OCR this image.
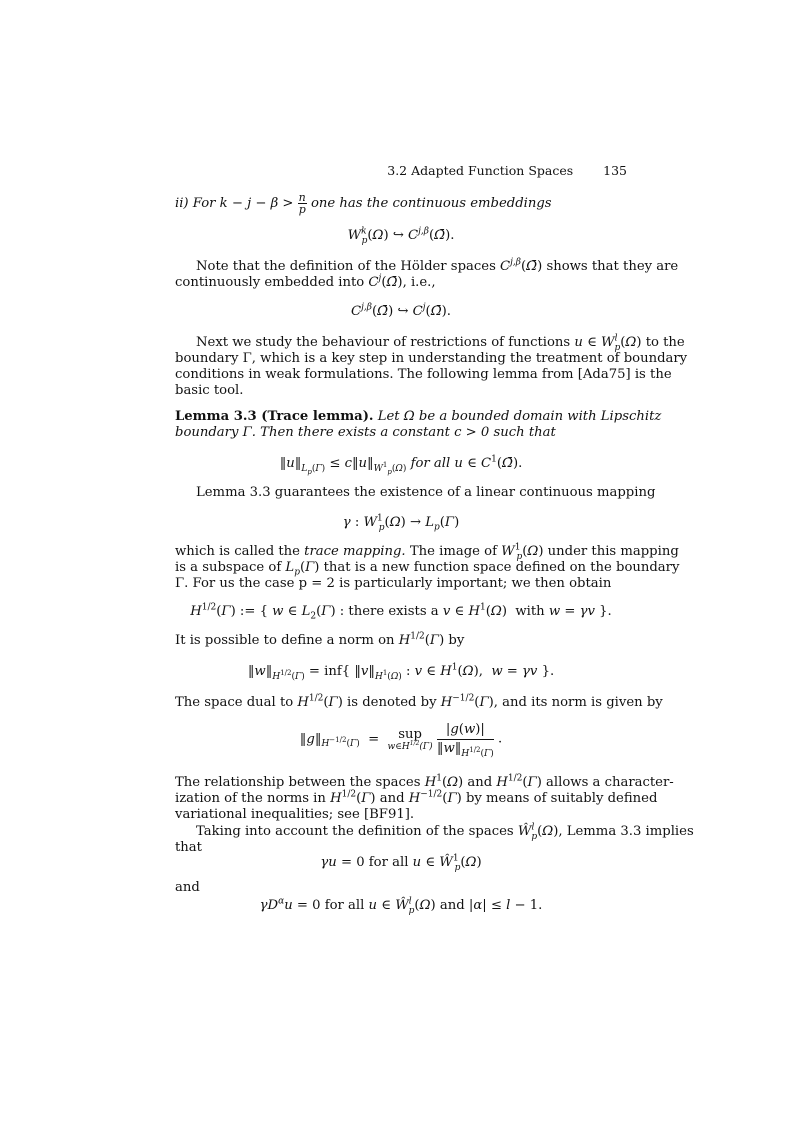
3.2 Adapted Function Spaces 135
ii) For $k - j - \beta > \frac{n}{p}$ one has the continuous embeddings
$W^k_p(\Omega)$ ↪ $C^{j,\beta}(\Omegā)$.
Note that the definition of the Hölder spaces $C^{j,\beta}(\Omegā)$ shows that they are
continuously embedded into $C^j(\Omegā)$, i.e.,
$C^{j,\beta}(\Omegā)$ ↪ $C^j(\Omegā)$.
Next we study the behaviour of restrictions of functions u ∈ $W^l_p(\Omega)$ to the
boundary Γ, which is a key step in understanding the treatment of boundary
conditions in weak formulations. The following lemma from [Ada75] is the
basic tool.
Lemma 3.3 (Trace lemma). Let Ω be a bounded domain with Lipschitz
boundary Γ. Then there exists a constant c > 0 such that
$‖u‖_{L_p(\Gamma)}$ ≤ $c‖u‖_{W^1_p(\Omega)}$ for all u ∈ $C^1(\Omegā)$.
Lemma 3.3 guarantees the existence of a linear continuous mapping
γ : $W^1_p(\Omega) \to L_p(\Gamma)$
which is called the trace mapping. The image of $W^1_p(\Omega)$ under this mapping
is a subspace of $L_p(\Gamma)$ that is a new function space defined on the boundary
Γ. For us the case p = 2 is particularly important; we then obtain
$H^{1/2}(\Gamma)$ := { w ∈ $L_2(\Gamma)$ : there exists a v ∈ $H^1(\Omega)$  with w = γv }.
It is possible to define a norm on $H^{1/2}(\Gamma)$ by
$‖w‖_{H^{1/2}(\Gamma)} = inf${ $‖v‖_{H^1(\Omega)}$ : v ∈ $H^1(\Omega)$,  w = γv }.
The space dual to $H^{1/2}(\Gamma)$ is denoted by $H^{-1/2}(\Gamma)$, and its norm is given by
$‖g‖_{H^{-1/2}(\Gamma)}$  =  sup
$w\in H^{1/2}(\Gamma)$
$\frac{|g(w)|}{‖w‖_{H^{1/2}(\Gamma)}}$ .
The relationship between the spaces $H^1(\Omega)$ and $H^{1/2}(\Gamma)$ allows a character-
ization of the norms in $H^{1/2}(\Gamma)$ and $H^{-1/2}(\Gamma)$ by means of suitably defined
variational inequalities; see [BF91].
Taking into account the definition of the spaces $Ŵ^l_p(\Omega)$, Lemma 3.3 implies
that
γu = 0 for all u ∈ $Ŵ^1_p(\Omega)$
and
$\gamma D^\alpha u = 0$ for all u ∈ $Ŵ^l_p(\Omega)$ and |α| ≤ l − 1.
